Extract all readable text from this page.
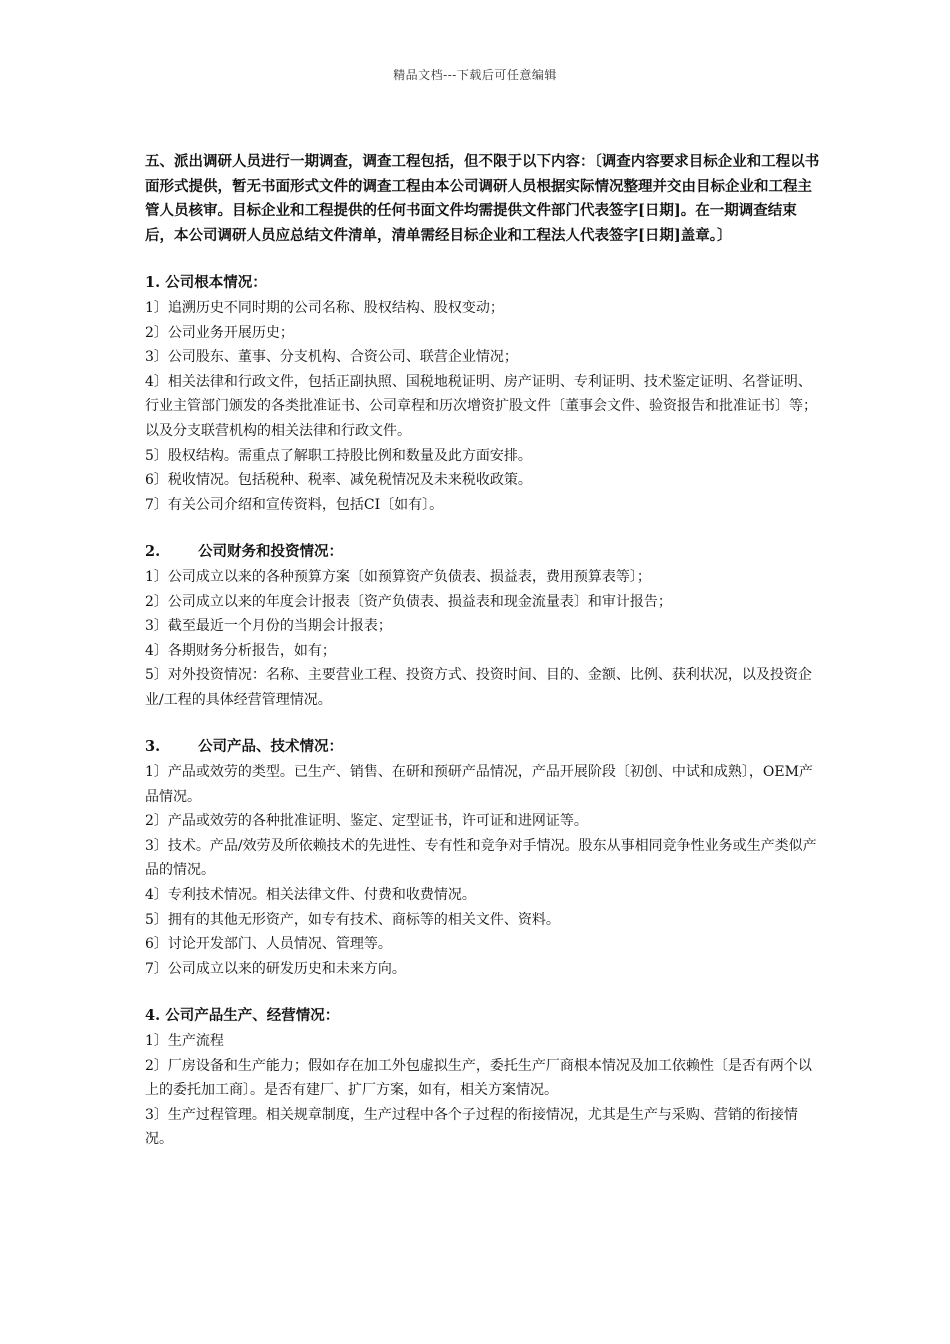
精品文档---下载后可任意编辑

五、派出调研人员进行一期调查，调查工程包括，但不限于以下内容：〔调查内容要求目标企业和工程以书面形式提供，暂无书面形式文件的调查工程由本公司调研人员根据实际情况整理并交由目标企业和工程主管人员核审。目标企业和工程提供的任何书面文件均需提供文件部门代表签字[日期]。在一期调查结束后，本公司调研人员应总结文件清单，清单需经目标企业和工程法人代表签字[日期]盖章。〕

1. 公司根本情况：

1〕追溯历史不同时期的公司名称、股权结构、股权变动；

2〕公司业务开展历史；

3〕公司股东、董事、分支机构、合资公司、联营企业情况；

4〕相关法律和行政文件，包括正副执照、国税地税证明、房产证明、专利证明、技术鉴定证明、名誉证明、行业主管部门颁发的各类批准证书、公司章程和历次增资扩股文件〔董事会文件、验资报告和批准证书〕等；以及分支联营机构的相关法律和行政文件。

5〕股权结构。需重点了解职工持股比例和数量及此方面安排。

6〕税收情况。包括税种、税率、减免税情况及未来税收政策。

7〕有关公司介绍和宣传资料，包括CI〔如有〕。

2.	公司财务和投资情况：

1〕公司成立以来的各种预算方案〔如预算资产负债表、损益表，费用预算表等〕；

2〕公司成立以来的年度会计报表〔资产负债表、损益表和现金流量表〕和审计报告；

3〕截至最近一个月份的当期会计报表；

4〕各期财务分析报告，如有；

5〕对外投资情况：名称、主要营业工程、投资方式、投资时间、目的、金额、比例、获利状况，以及投资企业/工程的具体经营管理情况。

3.	公司产品、技术情况：

1〕产品或效劳的类型。已生产、销售、在研和预研产品情况，产品开展阶段〔初创、中试和成熟〕，OEM产品情况。

2〕产品或效劳的各种批准证明、鉴定、定型证书，许可证和进网证等。

3〕技术。产品/效劳及所依赖技术的先进性、专有性和竞争对手情况。股东从事相同竞争性业务或生产类似产品的情况。

4〕专利技术情况。相关法律文件、付费和收费情况。

5〕拥有的其他无形资产，如专有技术、商标等的相关文件、资料。

6〕讨论开发部门、人员情况、管理等。

7〕公司成立以来的研发历史和未来方向。

4. 公司产品生产、经营情况：

1〕生产流程

2〕厂房设备和生产能力；假如存在加工外包虚拟生产，委托生产厂商根本情况及加工依赖性〔是否有两个以上的委托加工商〕。是否有建厂、扩厂方案，如有，相关方案情况。

3〕生产过程管理。相关规章制度，生产过程中各个子过程的衔接情况，尤其是生产与采购、营销的衔接情况。
